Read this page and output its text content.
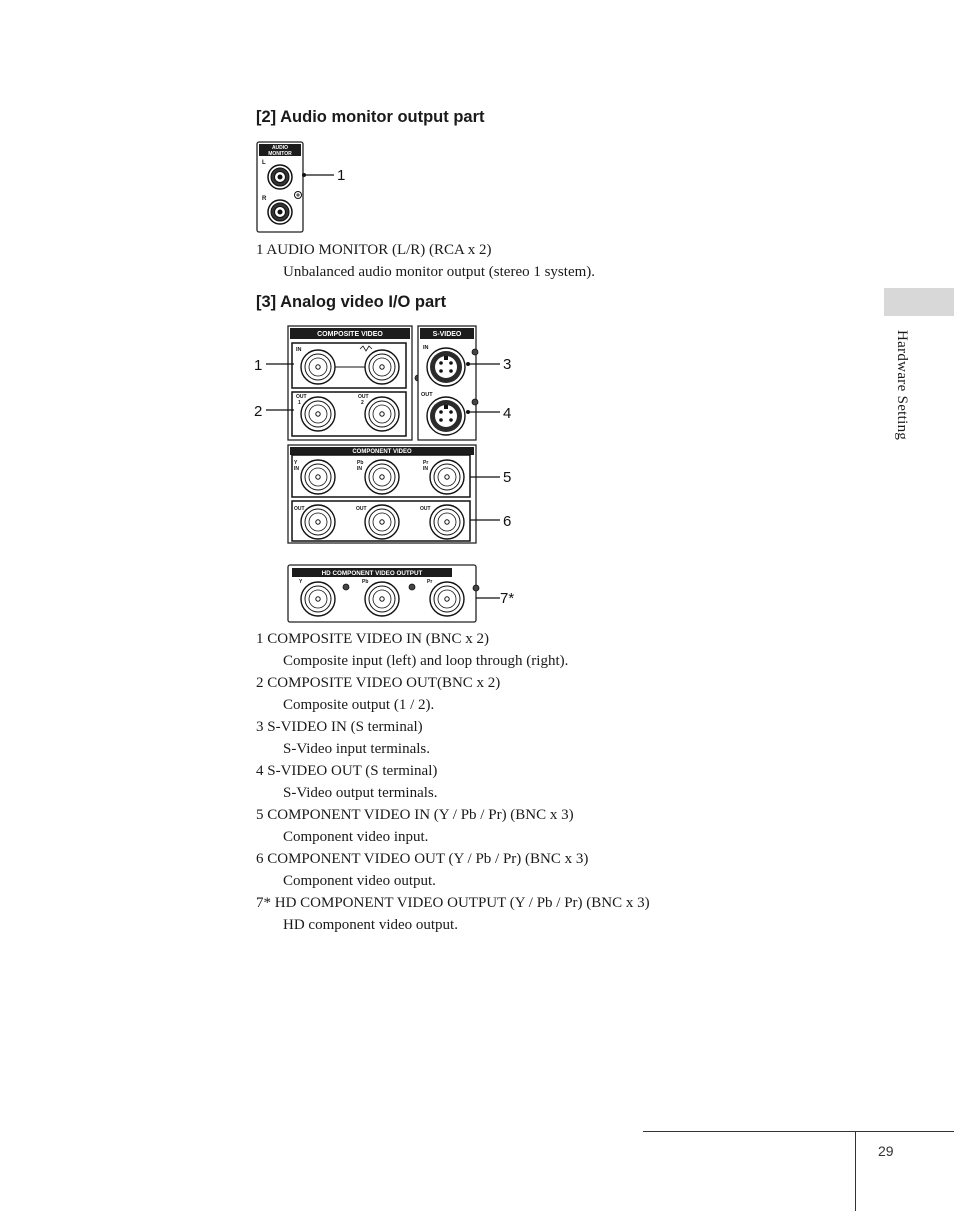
[2] Audio monitor output part
AUDIO
MONITOR
L
R
1
1 AUDIO MONITOR (L/R) (RCA x 2)
Unbalanced audio monitor output (stereo 1 system).
[3] Analog video I/O part
COMPOSITE VIDEO
IN
OUT
1
OUT
2
S-VIDEO
IN
OUT
COMPONENT VIDEO
Y
IN
Pb
IN
Pr
IN
OUT	OUT	OUT
HD COMPONENT VIDEO OUTPUT
Y	Pb	Pr
1
2
3
4
5
6
7*
1 COMPOSITE VIDEO IN (BNC x 2)
Composite input (left) and loop through (right).
2 COMPOSITE VIDEO OUT(BNC x 2)
Composite output (1 / 2).
3 S-VIDEO IN (S terminal)
S-Video input terminals.
4 S-VIDEO OUT (S terminal)
S-Video output terminals.
5 COMPONENT VIDEO IN (Y / Pb / Pr) (BNC x 3)
Component video input.
6 COMPONENT VIDEO OUT (Y / Pb / Pr) (BNC x 3)
Component video output.
7* HD COMPONENT VIDEO OUTPUT (Y / Pb / Pr) (BNC x 3)
HD component video output.
Hardware Setting
29
